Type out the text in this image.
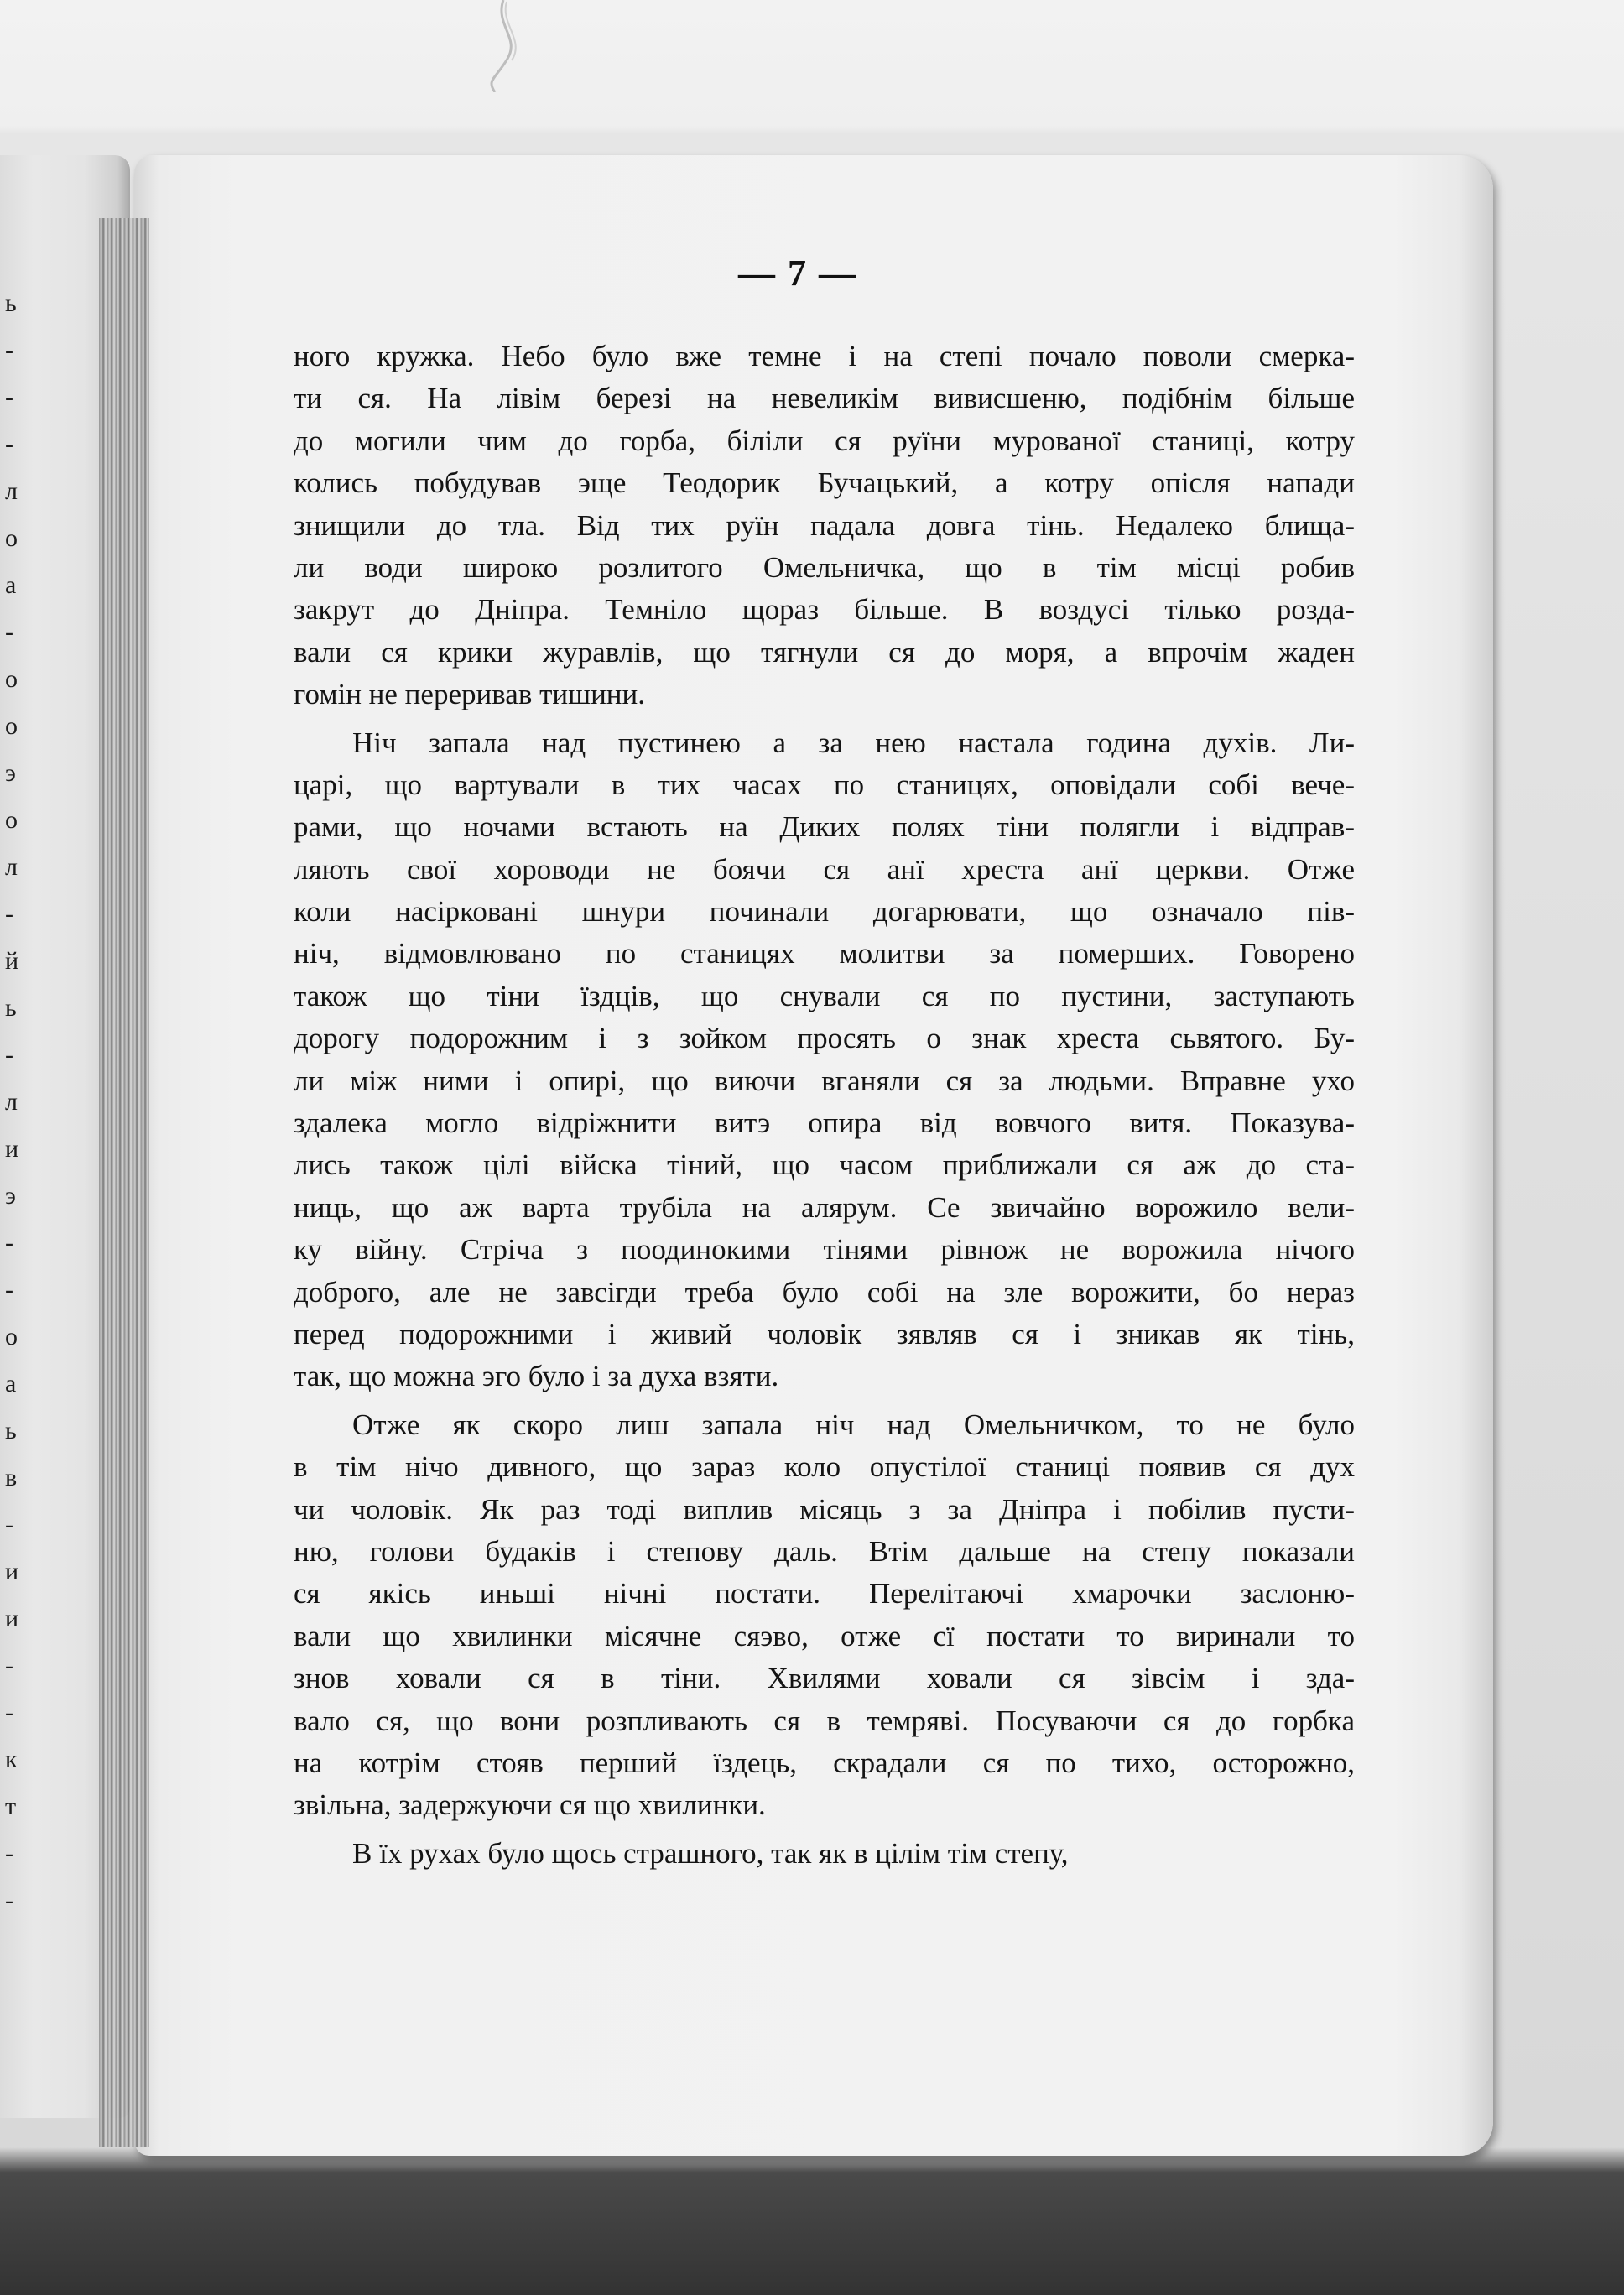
ь
-
-
-
л
о
а
-
о
о
э
о
л
-
й
ь
-
л
и
э
-
-
о
а
ь
в
-
и
и
-
-
к
т
-
-
— 7 —
ного кружка. Небо було вже темне і на степі почало поволи смерка-
ти ся. На лівім березі на невеликім вивисшеню, подібнім більше
до могили чим до горба, біліли ся руїни мурованої станиці, котру
колись побудував эще Теодорик Бучацький, а котру опісля напади
знищили до тла. Від тих руїн падала довга тінь. Недалеко блища-
ли води широко розлитого Омельничка, що в тім місці робив
закрут до Дніпра. Темніло щораз більше. В воздусі тілько розда-
вали ся крики журавлів, що тягнули ся до моря, а впрочім жаден
гомін не переривав тишини.
Ніч запала над пустинею а за нею настала година духів. Ли-
царі, що вартували в тих часах по станицях, оповідали собі вече-
рами, що ночами встають на Диких полях тіни полягли і відправ-
ляють свої хороводи не боячи ся анї хреста анї церкви. Отже
коли насірковані шнури починали догарювати, що означало пів-
ніч, відмовлювано по станицях молитви за померших. Говорено
також що тіни їздців, що снували ся по пустини, заступають
дорогу подорожним і з зойком просять о знак хреста сьвятого. Бу-
ли між ними і опирі, що виючи вганяли ся за людьми. Вправне ухо
здалека могло відріжнити витэ опира від вовчого витя. Показува-
лись також цілі війска тіний, що часом приближали ся аж до ста-
ниць, що аж варта трубіла на алярум. Се звичайно ворожило вели-
ку війну. Стріча з поодинокими тінями рівнож не ворожила нічого
доброго, але не завсігди треба було собі на зле ворожити, бо нераз
перед подорожними і живий чоловік зявляв ся і зникав як тінь,
так, що можна эго було і за духа взяти.
Отже як скоро лиш запала ніч над Омельничком, то не було
в тім нічо дивного, що зараз коло опустілої станиці появив ся дух
чи чоловік. Як раз тоді виплив місяць з за Дніпра і побілив пусти-
ню, голови будаків і степову даль. Втім дальше на степу показали
ся якісь иньші нічні постати. Перелітаючі хмарочки заслоню-
вали що хвилинки місячне сяэво, отже сї постати то виринали то
знов ховали ся в тіни. Хвилями ховали ся зівсім і зда-
вало ся, що вони розпливають ся в темряві. Посуваючи ся до горбка
на котрім стояв перший їздець, скрадали ся по тихо, осторожно,
звільна, задержуючи ся що хвилинки.
В їх рухах було щось страшного, так як в цілім тім степу,
